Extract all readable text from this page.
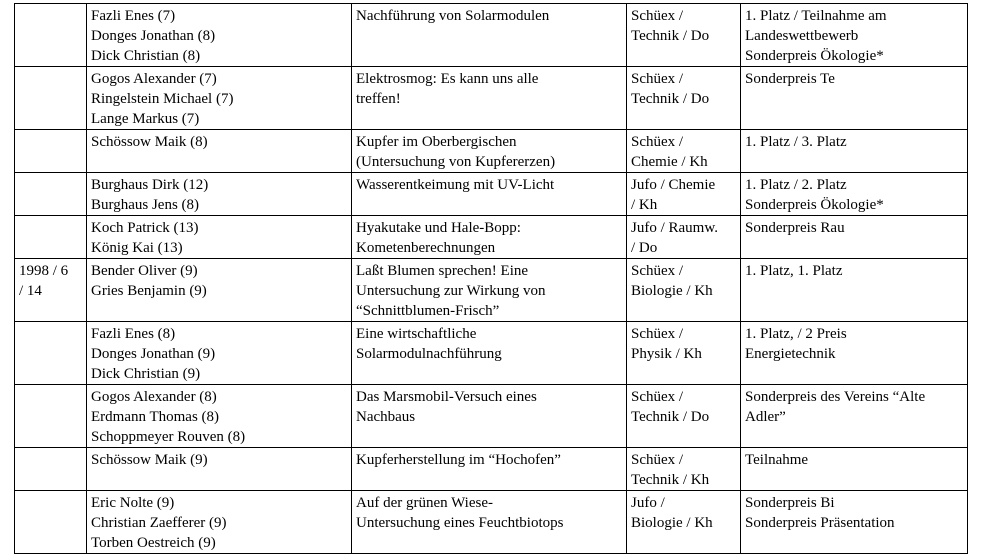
	Fazli Enes (7)
Donges Jonathan (8)
Dick Christian (8)	Nachführung von Solarmodulen	Schüex /
Technik / Do	1. Platz / Teilnahme am
Landeswettbewerb
Sonderpreis Ökologie*

	Gogos Alexander (7)
Ringelstein Michael (7)
Lange Markus (7)	Elektrosmog: Es kann uns alle
treffen!	Schüex /
Technik / Do	Sonderpreis Te

	Schössow Maik (8)	Kupfer im Oberbergischen
(Untersuchung von Kupfererzen)	Schüex /
Chemie / Kh	1. Platz / 3. Platz

	Burghaus Dirk (12)
Burghaus Jens (8)	Wasserentkeimung mit UV-Licht	Jufo / Chemie
/ Kh	1. Platz / 2. Platz
Sonderpreis Ökologie*

	Koch Patrick (13)
König Kai (13)	Hyakutake und Hale-Bopp:
Kometenberechnungen	Jufo / Raumw.
/ Do	Sonderpreis Rau

1998 / 6
/ 14	Bender Oliver (9)
Gries Benjamin (9)	Laßt Blumen sprechen! Eine
Untersuchung zur Wirkung von
“Schnittblumen-Frisch”	Schüex /
Biologie / Kh	1. Platz, 1. Platz

	Fazli Enes (8)
Donges Jonathan (9)
Dick Christian (9)	Eine wirtschaftliche
Solarmodulnachführung	Schüex /
Physik / Kh	1. Platz, / 2 Preis
Energietechnik

	Gogos Alexander (8)
Erdmann Thomas (8)
Schoppmeyer Rouven (8)	Das Marsmobil-Versuch eines
Nachbaus	Schüex /
Technik / Do	Sonderpreis des Vereins “Alte
Adler”

	Schössow Maik (9)	Kupferherstellung im “Hochofen”	Schüex /
Technik / Kh	Teilnahme

	Eric Nolte (9)
Christian Zaefferer (9)
Torben Oestreich (9)	Auf der grünen Wiese-
Untersuchung eines Feuchtbiotops	Jufo /
Biologie / Kh	Sonderpreis Bi
Sonderpreis Präsentation
